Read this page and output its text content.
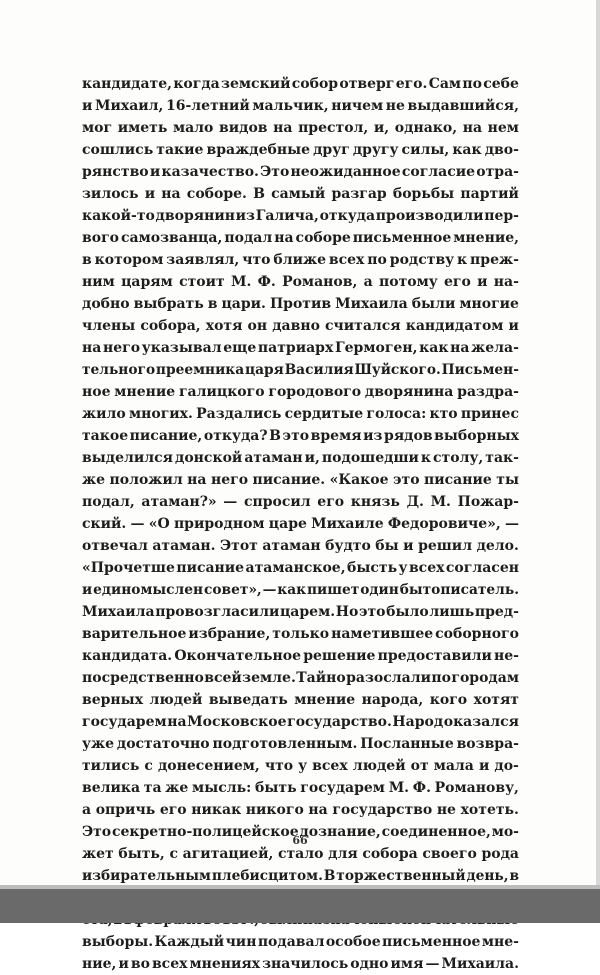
кандидате, когда земский собор отверг его. Сам по себе
и Михаил, 16-летний мальчик, ничем не выдавшийся,
мог иметь мало видов на престол, и, однако, на нем
сошлись такие враждебные друг другу силы, как дво-
рянство и казачество. Это неожиданное согласие отра-
зилось и на соборе. В самый разгар борьбы партий
какой-то дворянин из Галича, откуда производили пер-
вого самозванца, подал на соборе письменное мнение,
в котором заявлял, что ближе всех по родству к преж-
ним царям стоит М. Ф. Романов, а потому его и на-
добно выбрать в цари. Против Михаила были многие
члены собора, хотя он давно считался кандидатом и
на него указывал еще патриарх Гермоген, как на жела-
тельного преемника царя Василия Шуйского. Письмен-
ное мнение галицкого городового дворянина раздра-
жило многих. Раздались сердитые голоса: кто принес
такое писание, откуда? В это время из рядов выборных
выделился донской атаман и, подошедши к столу, так-
же положил на него писание. «Какое это писание ты
подал, атаман?» — спросил его князь Д. М. Пожар-
ский. — «О природном царе Михаиле Федоровиче», —
отвечал атаман. Этот атаман будто бы и решил дело.
«Прочетше писание атаманское, бысть у всех согласен
и единомыслен совет», — как пишет один бытописатель.
Михаила провозгласили царем. Но это было лишь пред-
варительное избрание, только наметившее соборного
кандидата. Окончательное решение предоставили не-
посредственно всей земле. Тайно разослали по городам
верных людей выведать мнение народа, кого хотят
государем на Московское государство. Народ оказался
уже достаточно подготовленным. Посланные возвра-
тились с донесением, что у всех людей от мала и до-
велика та же мысль: быть государем М. Ф. Романову,
а опричь его никак никого на государство не хотеть.
Это секретно-полицейское дознание, соединенное, мо-
жет быть, с агитацией, стало для собора своего рода
избирательным плебисцитом. В торжественный день, в
выборы. Каждый чин подавал особое письменное мне-
ние, и во всех мнениях значилось одно имя — Михаила.
66
